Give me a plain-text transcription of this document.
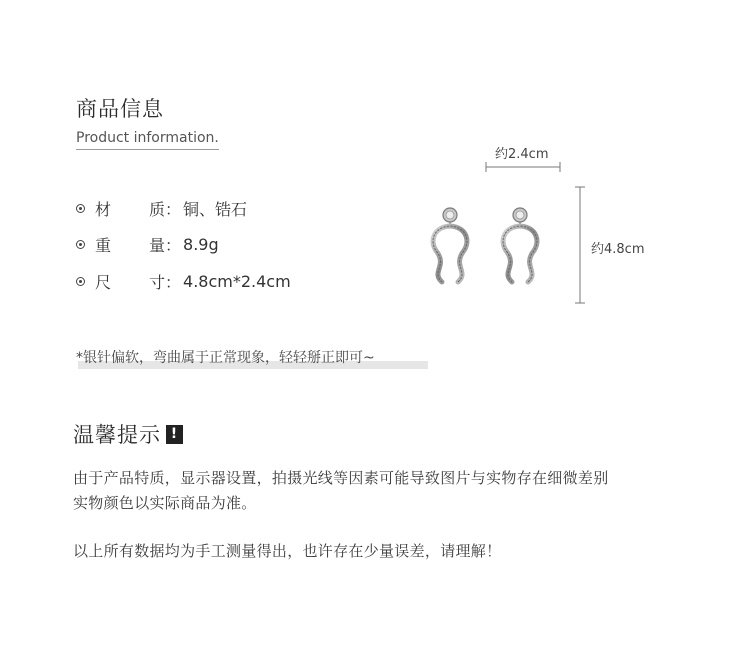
商品信息
Product information.
材 质 ： 铜、锆石
重 量 ： 8.9g
尺 寸 ： 4.8cm*2.4cm
约2.4cm
约4.8cm
*银针偏软，弯曲属于正常现象，轻轻掰正即可~
温馨提示 !
由于产品特质，显示器设置，拍摄光线等因素可能导致图片与实物存在细微差别
实物颜色以实际商品为准。
以上所有数据均为手工测量得出，也许存在少量误差，请理解！
